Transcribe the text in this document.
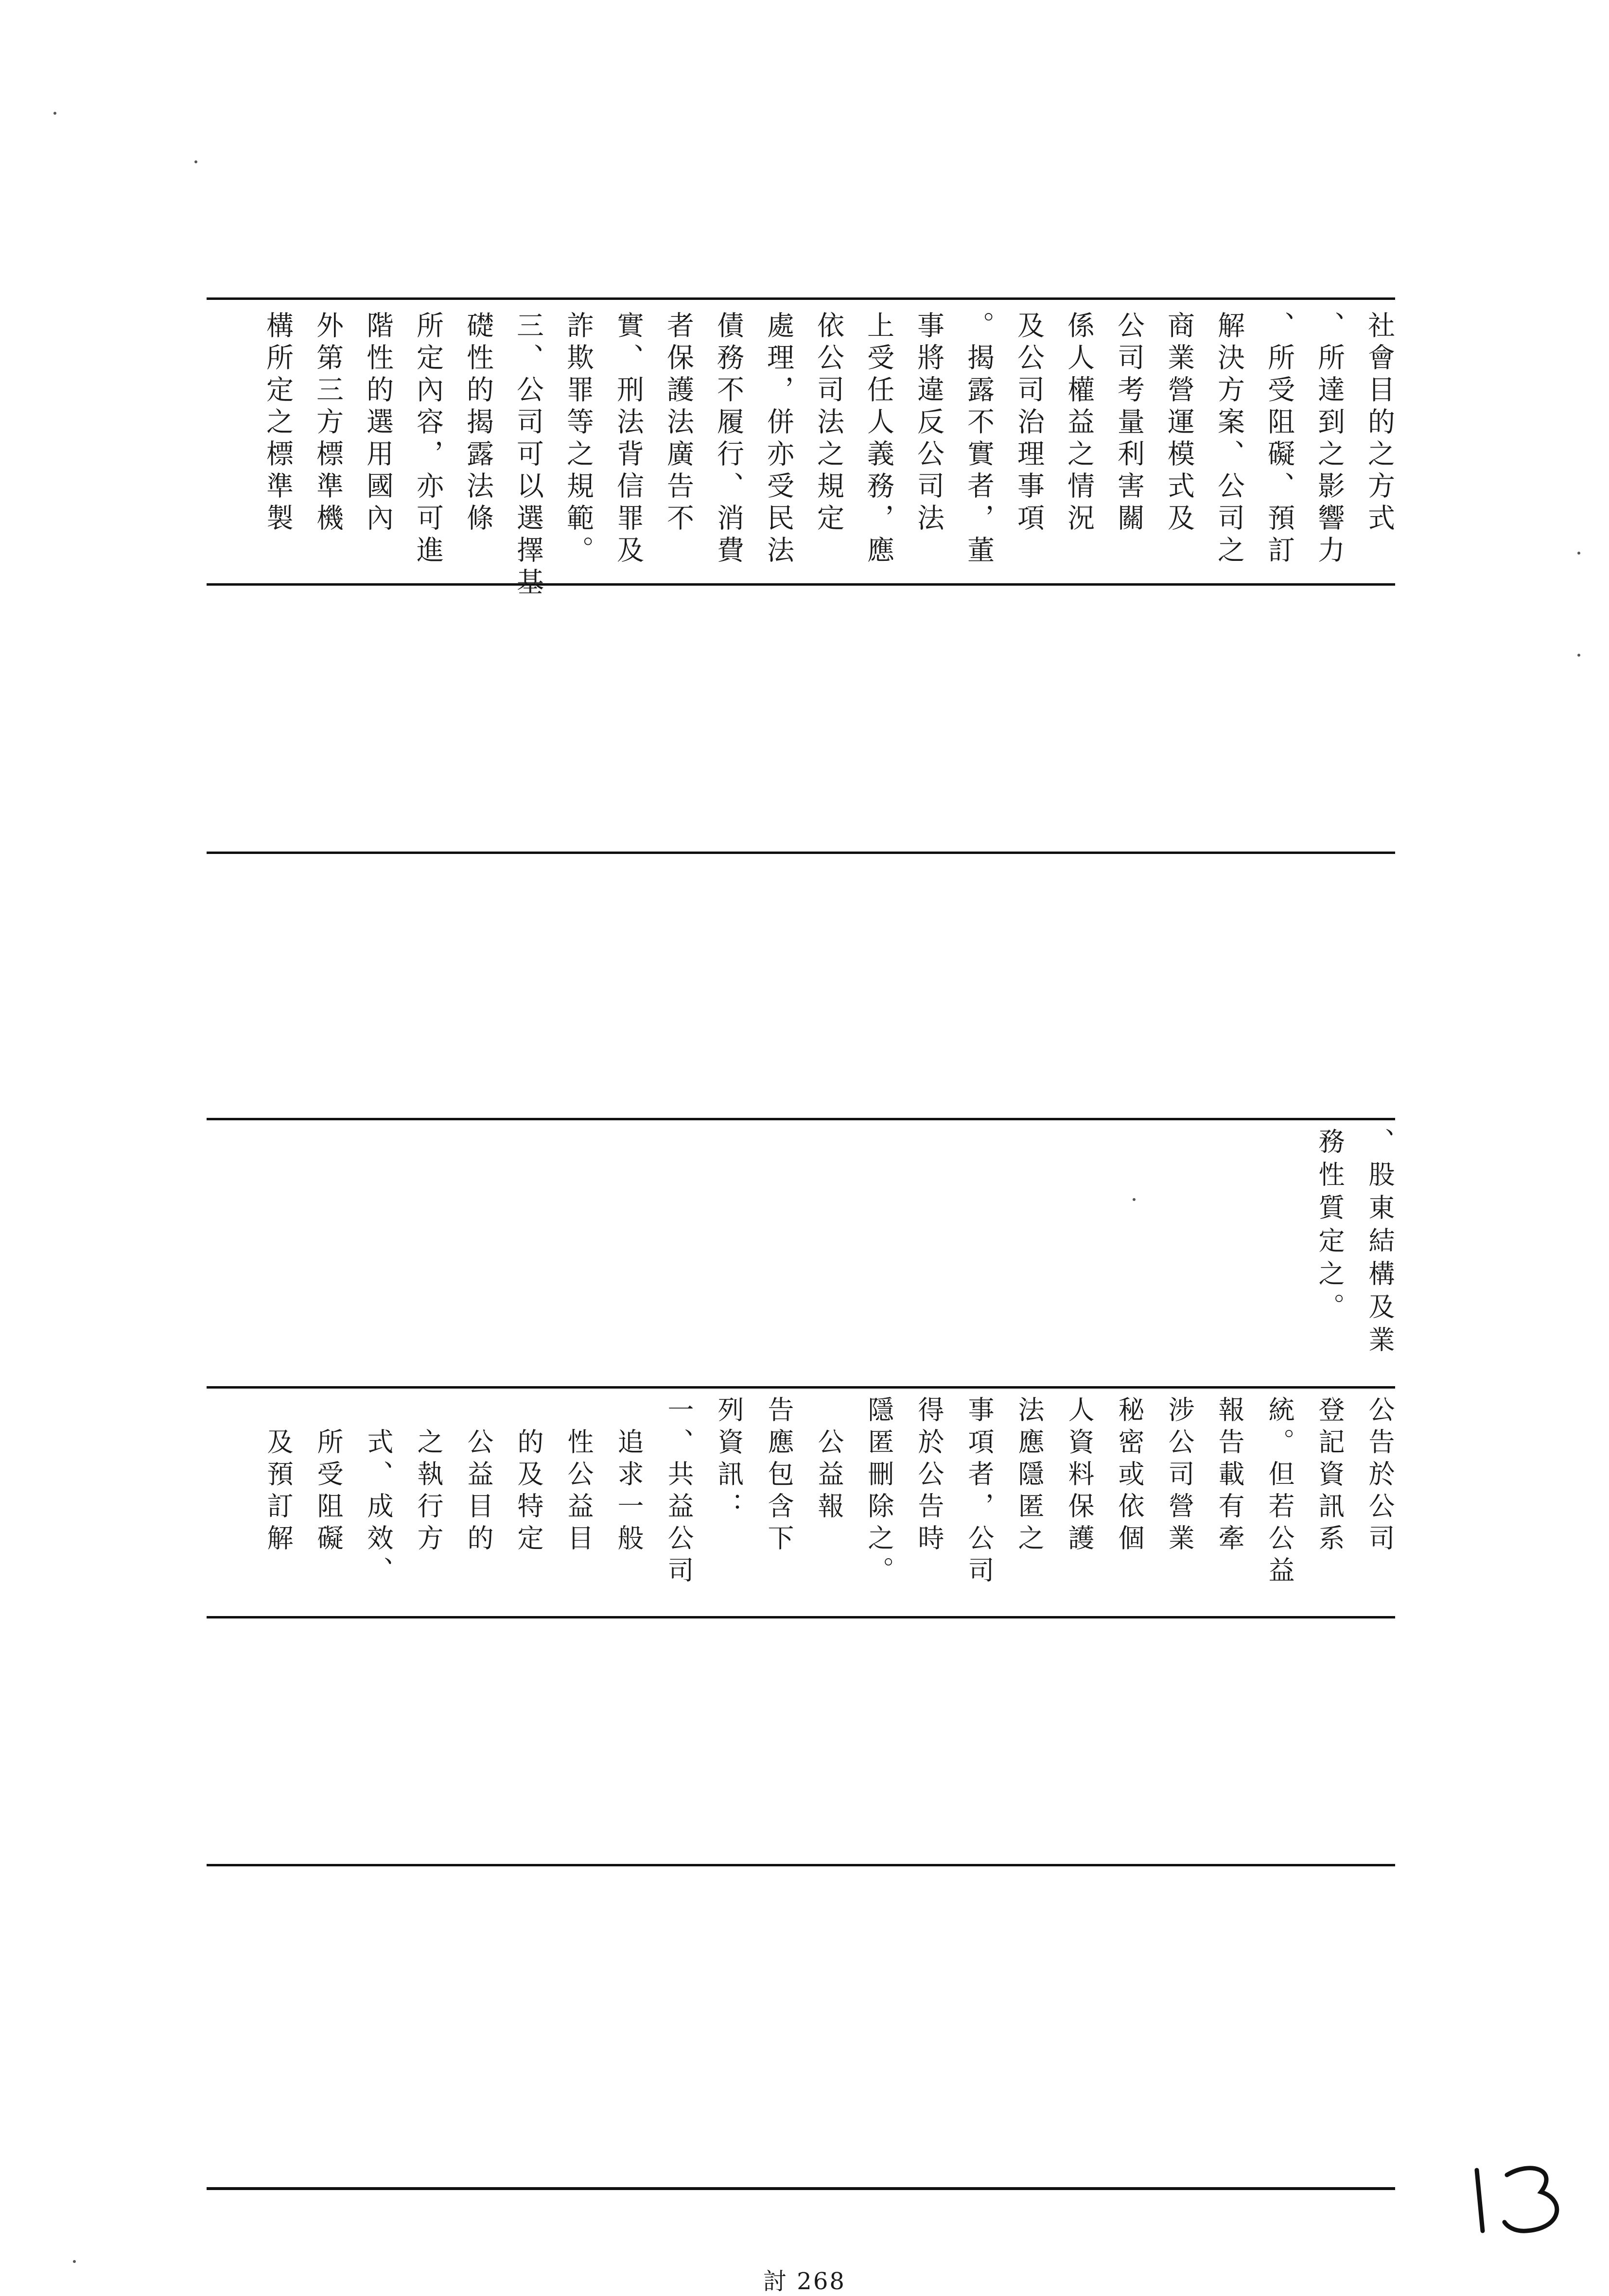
社會目的之方式
、所達到之影響力
、所受阻礙、預訂
解決方案、公司之
商業營運模式及
公司考量利害關
係人權益之情況
及公司治理事項
。揭露不實者，董
事將違反公司法
上受任人義務，應
依公司法之規定
處理，併亦受民法
債務不履行、消費
者保護法廣告不
實、刑法背信罪及
詐欺罪等之規範。
三、公司可以選擇基
礎性的揭露法條
所定內容，亦可進
階性的選用國內
外第三方標準機
構所定之標準製
、股東結構及業
務性質定之。
公告於公司
登記資訊系
統。但若公益
報告載有牽
涉公司營業
秘密或依個
人資料保護
法應隱匿之
事項者，公司
得於公告時
隱匿刪除之。
　公益報
告應包含下
列資訊：
一、共益公司
　追求一般
　性公益目
　的及特定
　公益目的
　之執行方
　式、成效、
　所受阻礙
　及預訂解
討 268
